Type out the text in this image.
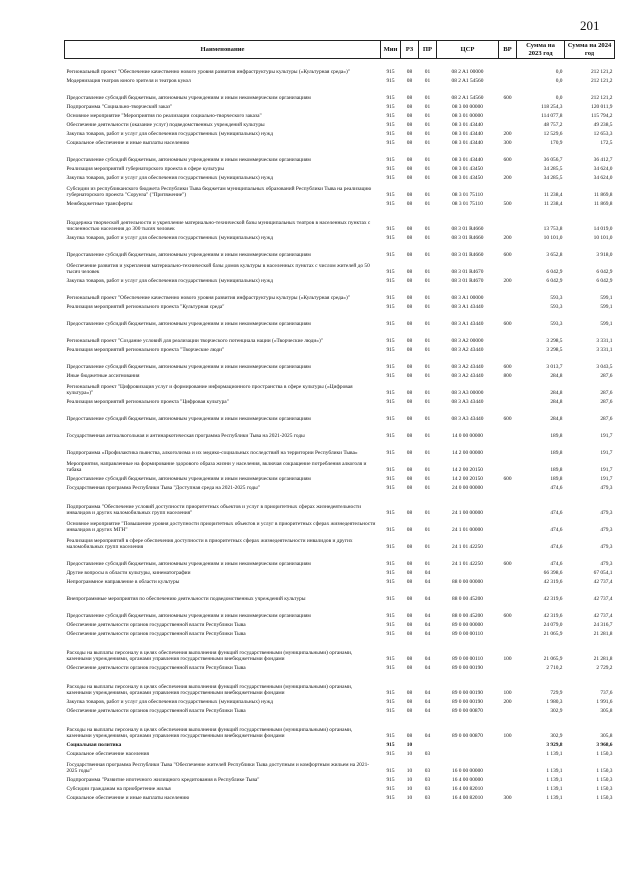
201
Наименование	Мин	РЗ	ПР	ЦСР	ВР	Сумма на 2023 год	Сумма на 2024 год
Региональный проект "Обеспечение качественно нового уровня развития инфраструктуры культуры («Культурная среда»)"	915	08	01	08 2 A1 00000		0,0	212 121,2
Модернизация театров юного зрителя и театров кукол	915	08	01	08 2 A1 54560		0,0	212 121,2
Предоставление субсидий бюджетным, автономным учреждениям и иным некоммерческим организациям	915	08	01	08 2 A1 54560	600	0,0	212 121,2
Подпрограмма "Социально-творческий заказ"	915	08	01	08 3 00 00000		118 254,3	120 011,9
Основное мероприятие "Мероприятия по реализации социально-творческого заказа"	915	08	01	08 3 01 00000		114 077,8	115 794,2
Обеспечение деятельности (оказание услуг) подведомственных учреждений культуры	915	08	01	08 3 01 43440		48 757,2	49 238,5
Закупка товаров, работ и услуг для обеспечения государственных (муниципальных) нужд	915	08	01	08 3 01 43440	200	12 529,6	12 653,3
Социальное обеспечение и иные выплаты населению	915	08	01	08 3 01 43440	300	170,9	172,5
Предоставление субсидий бюджетным, автономным учреждениям и иным некоммерческим организациям	915	08	01	08 3 01 43440	600	36 056,7	36 412,7
Реализация мероприятий губернаторского проекта в сфере культуры	915	08	01	08 3 01 43450		34 285,5	34 624,0
Закупка товаров, работ и услуг для обеспечения государственных (муниципальных) нужд	915	08	01	08 3 01 43450	200	34 285,5	34 624,0
Субсидии из республиканского бюджета Республики Тыва бюджетам муниципальных образований Республики Тыва на реализацию губернаторского проекта "Сорунза" ("Притяжение")	915	08	01	08 3 01 75110		11 238,4	11 869,8
Межбюджетные трансферты	915	08	01	08 3 01 75110	500	11 238,4	11 869,8
Поддержка творческой деятельности и укрепление материально-технической базы муниципальных театров в населенных пунктах с численностью населения до 300 тысяч человек	915	08	01	08 3 01 R4660		13 753,8	14 019,0
Закупка товаров, работ и услуг для обеспечения государственных (муниципальных) нужд	915	08	01	08 3 01 R4660	200	10 101,0	10 101,0
Предоставление субсидий бюджетным, автономным учреждениям и иным некоммерческим организациям	915	08	01	08 3 01 R4660	600	3 652,8	3 918,0
Обеспечение развития и укрепления материально-технической базы домов культуры в населенных пунктах с числом жителей до 50 тысяч человек	915	08	01	08 3 01 R4670		6 042,9	6 042,9
Закупка товаров, работ и услуг для обеспечения государственных (муниципальных) нужд	915	08	01	08 3 01 R4670	200	6 042,9	6 042,9
Региональный проект "Обеспечение качественно нового уровня развития инфраструктуры культуры («Культурная среда»)"	915	08	01	08 3 A1 00000		593,3	599,1
Реализация мероприятий регионального проекта "Культурная среда"	915	08	01	08 3 A1 43440		593,3	599,1
Предоставление субсидий бюджетным, автономным учреждениям и иным некоммерческим организациям	915	08	01	08 3 A1 43440	600	593,3	599,1
Региональный проект "Создание условий для реализации творческого потенциала нации («Творческие люди»)"	915	08	01	08 3 A2 00000		3 298,5	3 331,1
Реализация мероприятий регионального проекта "Творческие люди"	915	08	01	08 3 A2 43440		3 298,5	3 331,1
Предоставление субсидий бюджетным, автономным учреждениям и иным некоммерческим организациям	915	08	01	08 3 A2 43440	600	3 013,7	3 043,5
Иные бюджетные ассигнования	915	08	01	08 3 A2 43440	800	284,8	287,6
Региональный проект "Цифровизация услуг и формирование информационного пространства в сфере культуры («Цифровая культура»)"	915	08	01	08 3 A3 00000		284,8	287,6
Реализация мероприятий регионального проекта "Цифровая культура"	915	08	01	08 3 A3 43440		284,8	287,6
Предоставление субсидий бюджетным, автономным учреждениям и иным некоммерческим организациям	915	08	01	08 3 A3 43440	600	284,8	287,6
Государственная антиалкогольная и антинаркотическая программа Республики Тыва на 2021-2025 годы	915	08	01	14 0 00 00000		189,8	191,7
Подпрограмма «Профилактика пьянства, алкоголизма и их медико-социальных последствий на территории Республики Тыва»	915	08	01	14 2 00 00000		189,8	191,7
Мероприятия, направленные на формирование здорового образа жизни у населения, включая сокращение потребления алкоголя и табака	915	08	01	14 2 00 20150		189,8	191,7
Предоставление субсидий бюджетным, автономным учреждениям и иным некоммерческим организациям	915	08	01	14 2 00 20150	600	189,8	191,7
Государственная программа Республики Тыва "Доступная среда на 2021-2025 годы"	915	08	01	24 0 00 00000		474,6	479,3
Подпрограмма "Обеспечение условий доступности приоритетных объектов и услуг в приоритетных сферах жизнедеятельности инвалидов и других маломобильных групп населения"	915	08	01	24 1 00 00000		474,6	479,3
Основное мероприятие "Повышение уровня доступности приоритетных объектов и услуг в приоритетных сферах жизнедеятельности инвалидов и других МГН"	915	08	01	24 1 01 00000		474,6	479,3
Реализация мероприятий в сфере обеспечения доступности в приоритетных сферах жизнедеятельности инвалидов и других маломобильных групп населения	915	08	01	24 1 01 42250		474,6	479,3
Предоставление субсидий бюджетным, автономным учреждениям и иным некоммерческим организациям	915	08	01	24 1 01 42250	600	474,6	479,3
Другие вопросы в области культуры, кинематографии	915	08	04			66 398,6	67 054,1
Непрограммное направление в области культуры	915	08	04	88 0 00 00000		42 319,6	42 737,4
Внепрограммные мероприятия по обеспечению деятельности подведомственных учреждений культуры	915	08	04	88 0 00 45200		42 319,6	42 737,4
Предоставление субсидий бюджетным, автономным учреждениям и иным некоммерческим организациям	915	08	04	88 0 00 45200	600	42 319,6	42 737,4
Обеспечение деятельности органов государственной власти Республики Тыва	915	08	04	89 0 00 00000		24 079,0	24 316,7
Обеспечение деятельности органов государственной власти Республики Тыва	915	08	04	89 0 00 00110		21 065,9	21 281,8
Расходы на выплаты персоналу в целях обеспечения выполнения функций государственными (муниципальными) органами, казенными учреждениями, органами управления государственными внебюджетными фондами	915	08	04	89 0 00 00110	100	21 065,9	21 281,8
Обеспечение деятельности органов государственной власти Республики Тыва	915	08	04	89 0 00 00190		2 710,2	2 729,2
Расходы на выплаты персоналу в целях обеспечения выполнения функций государственными (муниципальными) органами, казенными учреждениями, органами управления государственными внебюджетными фондами	915	08	04	89 0 00 00190	100	729,9	737,6
Закупка товаров, работ и услуг для обеспечения государственных (муниципальных) нужд	915	08	04	89 0 00 00190	200	1 980,3	1 991,6
Обеспечение деятельности органов государственной власти Республики Тыва	915	08	04	89 0 00 00870		302,9	305,8
Расходы на выплаты персоналу в целях обеспечения выполнения функций государственными (муниципальными) органами, казенными учреждениями, органами управления государственными внебюджетными фондами	915	08	04	89 0 00 00870	100	302,9	305,8
Социальная политика	915	10				3 929,8	3 968,6
Социальное обеспечение населения	915	10	03			1 139,1	1 150,3
Государственная программа Республики Тыва "Обеспечение жителей Республики Тыва доступным и комфортным жильем на 2021-2025 годы"	915	10	03	16 0 00 00000		1 139,1	1 150,3
Подпрограмма "Развитие ипотечного жилищного кредитования в Республике Тыва"	915	10	03	16 4 00 00000		1 139,1	1 150,3
Субсидии гражданам на приобретение жилья	915	10	03	16 4 00 82010		1 139,1	1 150,3
Социальное обеспечение и иные выплаты населению	915	10	03	16 4 00 82010	300	1 139,1	1 150,3
